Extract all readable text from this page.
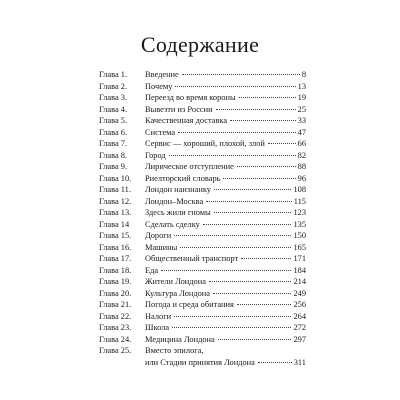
Содержание
Глава 1.	Введение	8
Глава 2.	Почему	13
Глава 3.	Переезд во время короны	19
Глава 4.	Вывезти из России	25
Глава 5.	Качественная доставка	33
Глава 6.	Система	47
Глава 7.	Сервис — хороший, плохой, злой	66
Глава 8.	Город	82
Глава 9.	Лирическое отступление	88
Глава 10.	Риелторский словарь	96
Глава 11.	Лондон наизнанку	108
Глава 12.	Лондон–Москва	115
Глава 13.	Здесь жили гномы	123
Глава 14	Сделать сделку	135
Глава 15.	Дороги	150
Глава 16.	Машины	165
Глава 17.	Общественный транспорт	171
Глава 18.	Еда	184
Глава 19.	Жители Лондона	214
Глава 20.	Культура Лондона	249
Глава 21.	Погода и среда обитания	256
Глава 22.	Налоги	264
Глава 23.	Школа	272
Глава 24.	Медицина Лондона	297
Глава 25.	Вместо эпилога,
или Стадии принятия Лондона	311
